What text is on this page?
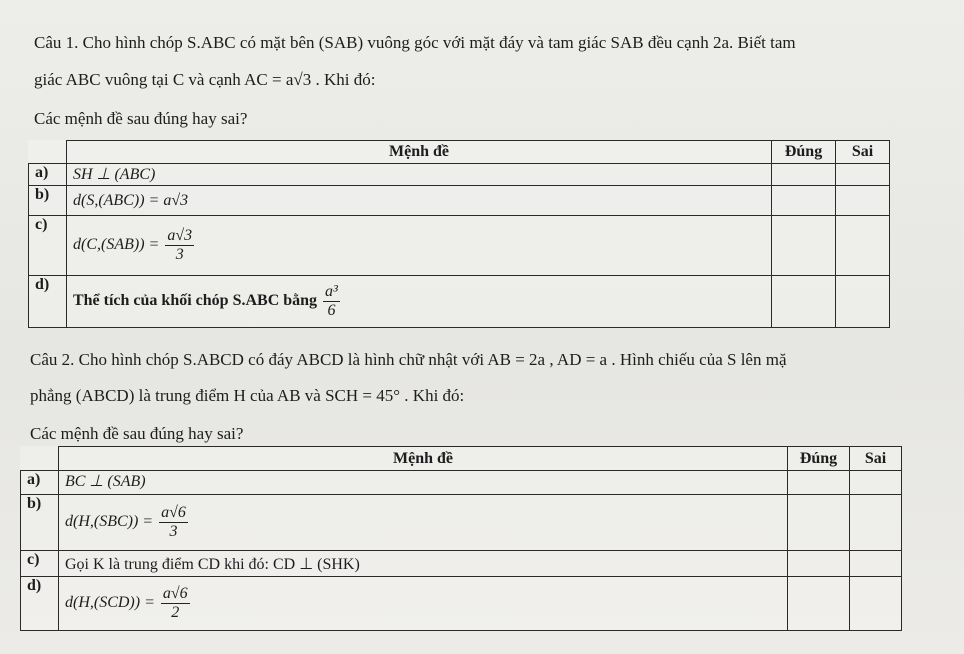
Câu 1. Cho hình chóp S.ABC có mặt bên (SAB) vuông góc với mặt đáy và tam giác SAB đều cạnh 2a. Biết tam
giác ABC vuông tại C và cạnh AC = a√3 . Khi đó:
Các mệnh đề sau đúng hay sai?
	Mệnh đề	Đúng	Sai
a)	SH ⊥ (ABC)		
b)	d(S,(ABC)) = a√3		
c)	$d(C,(SAB)) = \frac{a√3}{3}$

d)	Thể tích của khối chóp S.ABC bằng $\frac{\text{a³}}{6}$

Câu 2. Cho hình chóp S.ABCD có đáy ABCD là hình chữ nhật với AB = 2a , AD = a . Hình chiếu của S lên mặ
phẳng (ABCD) là trung điểm H của AB và SCH = 45° . Khi đó:
Các mệnh đề sau đúng hay sai?
	Mệnh đề	Đúng	Sai
a)	BC ⊥ (SAB)		
b)	$d(H,(SBC)) = \frac{a√6}{3}$

c)	Gọi K là trung điểm CD khi đó: CD ⊥ (SHK)		
d)	$d(H,(SCD)) = \frac{a√6}{2}$
